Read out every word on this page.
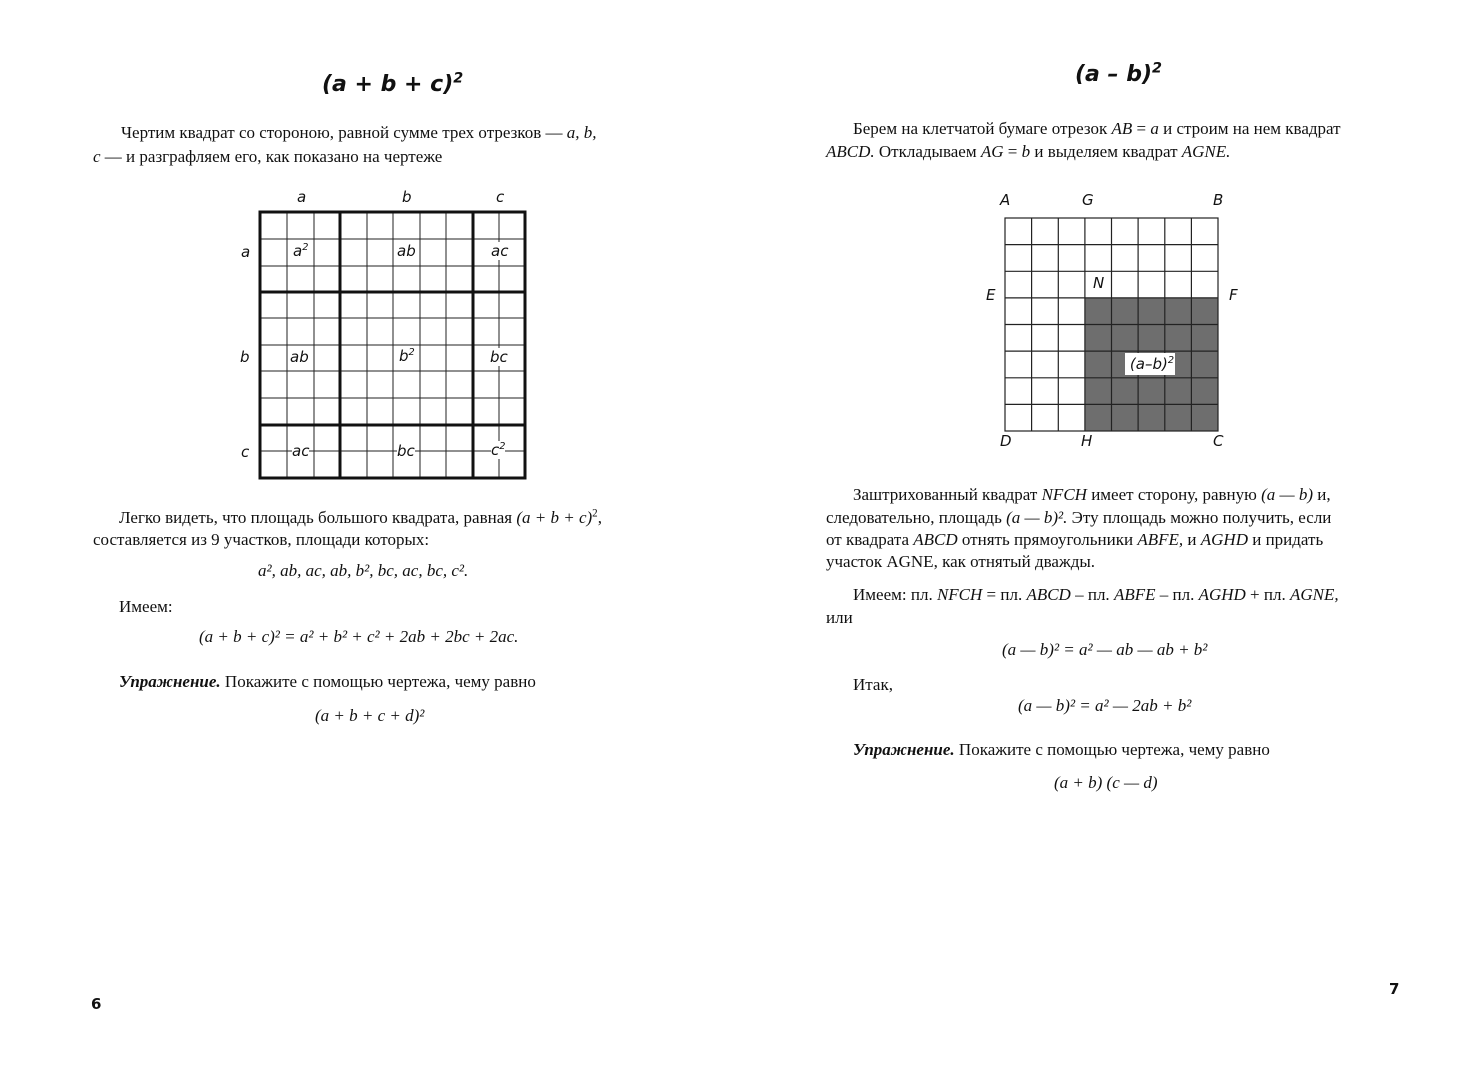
$(a + b + c)^2$
Чертим квадрат со стороною, равной сумме трех отрезков — a, b,
c — и разграфляем его, как показано на чертеже
a	b	c
a
b
c
$a^2$	ab	ac
ab	$b^2$	bc
ac	bc	$c^2$
Легко видеть, что площадь большого квадрата, равная $(a + b + c)^2$,
составляется из 9 участков, площади которых:
a², ab, ac, ab, b², bc, ac, bc, c².
Имеем:
(a + b + c)² = a² + b² + c² + 2ab + 2bc + 2ac.
Упражнение. Покажите с помощью чертежа, чему равно
(a + b + c + d)²
6
(a – b)$^2$
Берем на клетчатой бумаге отрезок AB = a и строим на нем квадрат
ABCD. Откладываем AG = b и выделяем квадрат AGNE.
$(a-b)^2$
A	G	B
E
N
F
D	H	C
Заштрихованный квадрат NFCH имеет сторону, равную (a — b) и,
следовательно, площадь (a — b)². Эту площадь можно получить, если
от квадрата ABCD отнять прямоугольники ABFE, и AGHD и придать
участок AGNE, как отнятый дважды.
Имеем: пл. NFCH = пл. ABCD – пл. ABFE – пл. AGHD + пл. AGNE,
или
(a — b)² = a² — ab — ab + b²
Итак,
(a — b)² = a² — 2ab + b²
Упражнение. Покажите с помощью чертежа, чему равно
(a + b) (c — d)
7
